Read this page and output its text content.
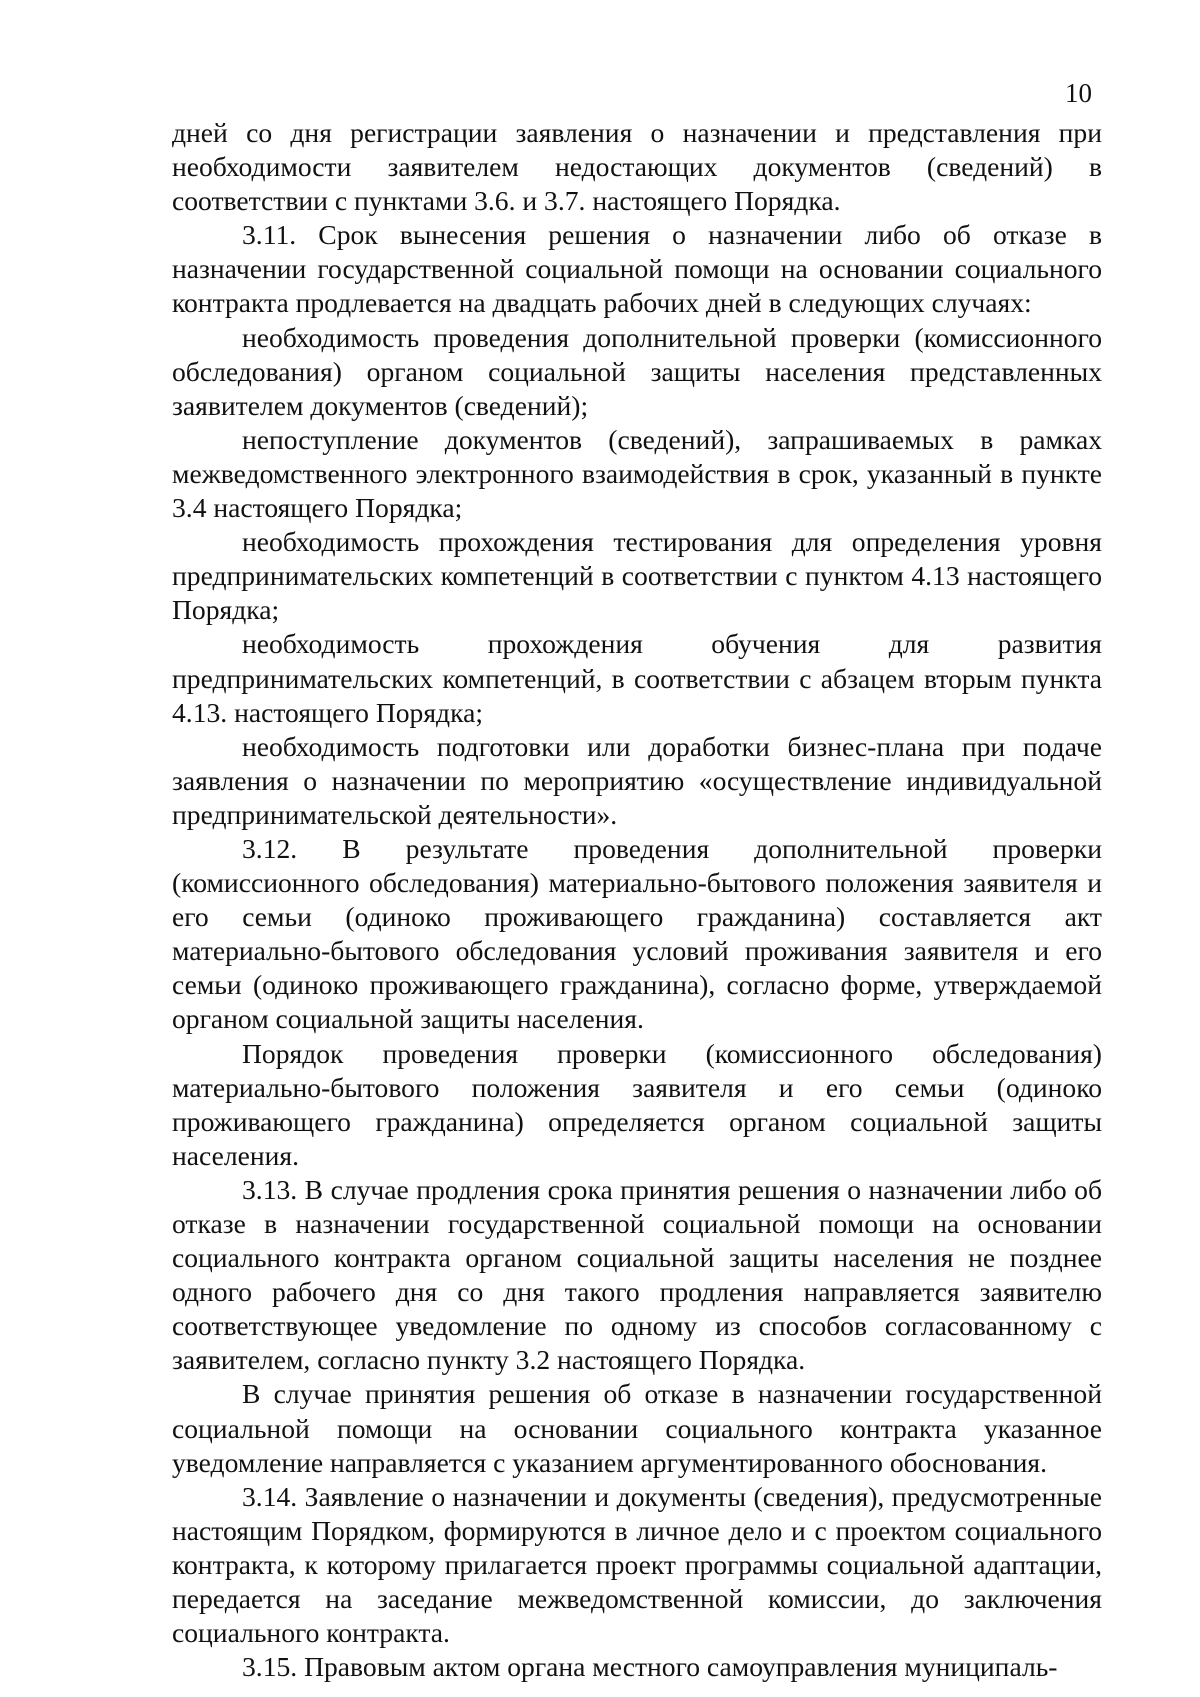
10

дней со дня регистрации заявления о назначении и представления при необходимости заявителем недостающих документов (сведений) в соответствии с пунктами 3.6. и 3.7. настоящего Порядка.

3.11. Срок вынесения решения о назначении либо об отказе в назначении государственной социальной помощи на основании социального контракта продлевается на двадцать рабочих дней в следующих случаях:

необходимость проведения дополнительной проверки (комиссионного обследования) органом социальной защиты населения представленных заявителем документов (сведений);

непоступление документов (сведений), запрашиваемых в рамках межведомственного электронного взаимодействия в срок, указанный в пункте 3.4 настоящего Порядка;

необходимость прохождения тестирования для определения уровня предпринимательских компетенций в соответствии с пунктом 4.13 настоящего Порядка;

необходимость прохождения обучения для развития предпринимательских компетенций, в соответствии с абзацем вторым пункта 4.13. настоящего Порядка;

необходимость подготовки или доработки бизнес-плана при подаче заявления о назначении по мероприятию «осуществление индивидуальной предпринимательской деятельности».

3.12. В результате проведения дополнительной проверки (комиссионного обследования) материально-бытового положения заявителя и его семьи (одиноко проживающего гражданина) составляется акт материально-бытового обследования условий проживания заявителя и его семьи (одиноко проживающего гражданина), согласно форме, утверждаемой органом социальной защиты населения.

Порядок проведения проверки (комиссионного обследования) материально-бытового положения заявителя и его семьи (одиноко проживающего гражданина) определяется органом социальной защиты населения.

3.13. В случае продления срока принятия решения о назначении либо об отказе в назначении государственной социальной помощи на основании социального контракта органом социальной защиты населения не позднее одного рабочего дня со дня такого продления направляется заявителю соответствующее уведомление по одному из способов согласованному с заявителем, согласно пункту 3.2 настоящего Порядка.

В случае принятия решения об отказе в назначении государственной социальной помощи на основании социального контракта указанное уведомление направляется с указанием аргументированного обоснования.

3.14. Заявление о назначении и документы (сведения), предусмотренные настоящим Порядком, формируются в личное дело и с проектом социального контракта, к которому прилагается проект программы социальной адаптации, передается на заседание межведомственной комиссии, до заключения социального контракта.

3.15. Правовым актом органа местного самоуправления муниципаль-
